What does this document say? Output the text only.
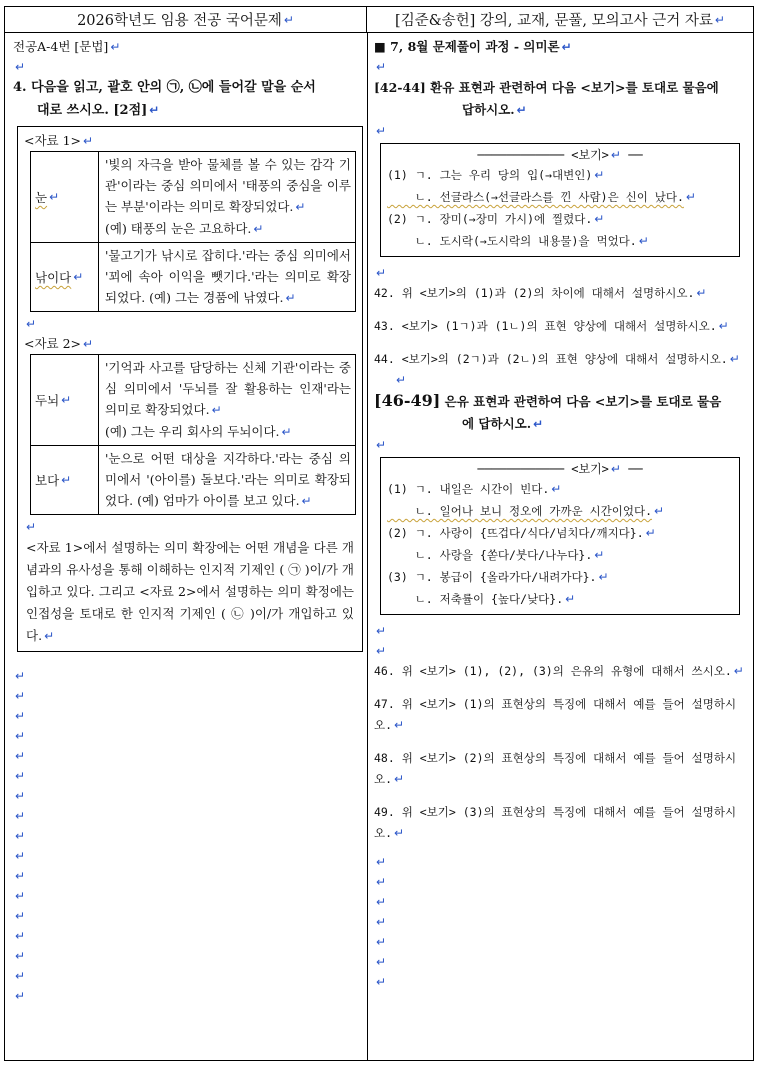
2026학년도 임용 전공 국어문제 ↵	[김준&송헌] 강의, 교재, 문풀, 모의고사 근거 자료 ↵
전공A-4번 [문법] ↵
↵
4. 다음을 읽고, 괄호 안의 ㉠, ㉡에 들어갈 말을 순서
대로 쓰시오. [2점] ↵
<자료 1> ↵
눈 ↵
'빛의 자극을 받아 물체를 볼 수 있는 감각 기관'이라는 중심 의미에서 '태풍의 중심을 이루는 부분'이라는 의미로 확장되었다. ↵
(예) 태풍의 눈은 고요하다. ↵
낚이다 ↵
'물고기가 낚시로 잡히다.'라는 중심 의미에서 '꾀에 속아 이익을 뺏기다.'라는 의미로 확장되었다. (예) 그는 경품에 낚였다. ↵
↵
<자료 2> ↵
두뇌 ↵
'기억과 사고를 담당하는 신체 기관'이라는 중심 의미에서 '두뇌를 잘 활용하는 인재'라는 의미로 확장되었다. ↵
(예) 그는 우리 회사의 두뇌이다. ↵
보다 ↵
'눈으로 어떤 대상을 지각하다.'라는 중심 의미에서 '(아이를) 돌보다.'라는 의미로 확장되었다. (예) 엄마가 아이를 보고 있다. ↵
↵
<자료 1>에서 설명하는 의미 확장에는 어떤 개념을 다른 개념과의 유사성을 통해 이해하는 인지적 기제인 ( ㉠ )이/가 개입하고 있다. 그리고 <자료 2>에서 설명하는 의미 확정에는 인접성을 토대로 한 인지적 기제인 ( ㉡ )이/가 개입하고 있다. ↵
↵
↵
↵
↵
↵
↵
↵
↵
↵
↵
↵
↵
↵
↵
↵
↵
↵
■ 7, 8월 문제풀이 과정 - 의미론 ↵
↵
[42-44] 환유 표현과 관련하여 다음 <보기>를 토대로 물음에
답하시오. ↵
↵
──────────── <보기> ↵ ──
(1) ㄱ. 그는 우리 당의 입(→대변인) ↵
ㄴ. 선글라스(→선글라스를 낀 사람)은 신이 났다. ↵
(2) ㄱ. 장미(→장미 가시)에 찔렸다. ↵
ㄴ. 도시락(→도시락의 내용물)을 먹었다. ↵
↵
42. 위 <보기>의 (1)과 (2)의 차이에 대해서 설명하시오. ↵
43. <보기> (1ㄱ)과 (1ㄴ)의 표현 양상에 대해서 설명하시오. ↵
44. <보기>의 (2ㄱ)과 (2ㄴ)의 표현 양상에 대해서 설명하시오. ↵
↵
[46-49] 은유 표현과 관련하여 다음 <보기>를 토대로 물음
에 답하시오. ↵
↵
──────────── <보기> ↵ ──
(1) ㄱ. 내일은 시간이 빈다. ↵
ㄴ. 일어나 보니 정오에 가까운 시간이었다. ↵
(2) ㄱ. 사랑이 {뜨겁다/식다/넘치다/깨지다}. ↵
ㄴ. 사랑을 {쏟다/붓다/나누다}. ↵
(3) ㄱ. 봉급이 {올라가다/내려가다}. ↵
ㄴ. 저축률이 {높다/낮다}. ↵
↵
↵
46. 위 <보기> (1), (2), (3)의 은유의 유형에 대해서 쓰시오. ↵
47. 위 <보기> (1)의 표현상의 특징에 대해서 예를 들어 설명하시오. ↵
48. 위 <보기> (2)의 표현상의 특징에 대해서 예를 들어 설명하시오. ↵
49. 위 <보기> (3)의 표현상의 특징에 대해서 예를 들어 설명하시오. ↵
↵
↵
↵
↵
↵
↵
↵
